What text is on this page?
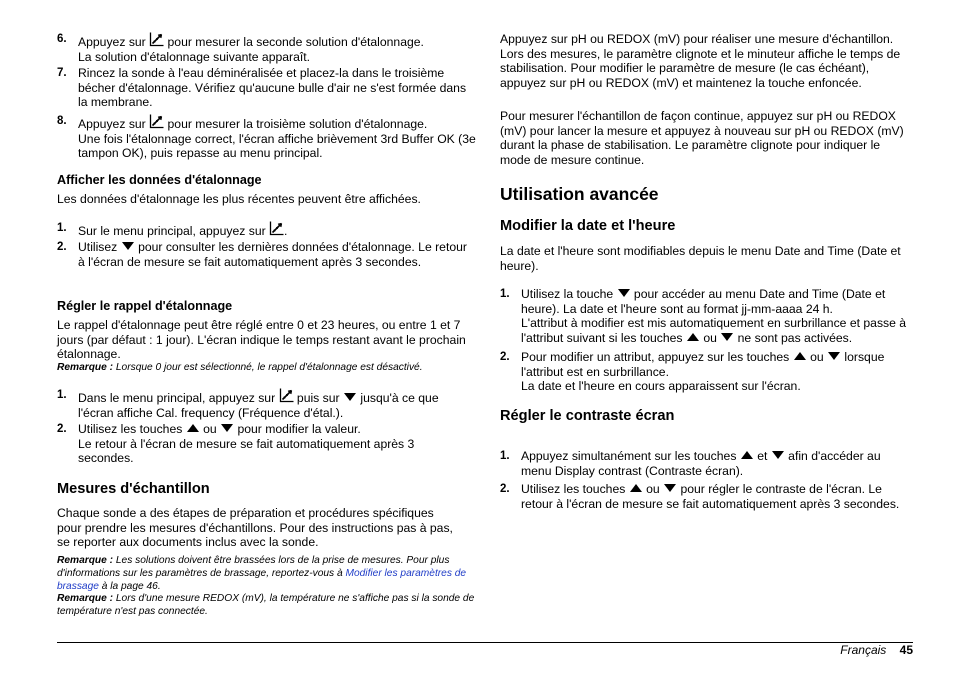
6. Appuyez sur pour mesurer la seconde solution d'étalonnage.
La solution d'étalonnage suivante apparaît.
7. Rincez la sonde à l'eau déminéralisée et placez-la dans le troisième bécher d'étalonnage. Vérifiez qu'aucune bulle d'air ne s'est formée dans la membrane.
8. Appuyez sur pour mesurer la troisième solution d'étalonnage.
Une fois l'étalonnage correct, l'écran affiche brièvement 3rd Buffer OK (3e tampon OK), puis repasse au menu principal.
Afficher les données d'étalonnage
Les données d'étalonnage les plus récentes peuvent être affichées.
1. Sur le menu principal, appuyez sur .
2. Utilisez pour consulter les dernières données d'étalonnage. Le retour à l'écran de mesure se fait automatiquement après 3 secondes.
Régler le rappel d'étalonnage
Le rappel d'étalonnage peut être réglé entre 0 et 23 heures, ou entre 1 et 7 jours (par défaut : 1 jour). L'écran indique le temps restant avant le prochain étalonnage.
Remarque : Lorsque 0 jour est sélectionné, le rappel d'étalonnage est désactivé.
1. Dans le menu principal, appuyez sur puis sur jusqu'à ce que l'écran affiche Cal. frequency (Fréquence d'étal.).
2. Utilisez les touches ou pour modifier la valeur.
Le retour à l'écran de mesure se fait automatiquement après 3 secondes.
Mesures d'échantillon
Chaque sonde a des étapes de préparation et procédures spécifiques pour prendre les mesures d'échantillons. Pour des instructions pas à pas, se reporter aux documents inclus avec la sonde.
Remarque : Les solutions doivent être brassées lors de la prise de mesures. Pour plus d'informations sur les paramètres de brassage, reportez-vous à Modifier les paramètres de brassage à la page 46.
Remarque : Lors d'une mesure REDOX (mV), la température ne s'affiche pas si la sonde de température n'est pas connectée.
Appuyez sur pH ou REDOX (mV) pour réaliser une mesure d'échantillon. Lors des mesures, le paramètre clignote et le minuteur affiche le temps de stabilisation. Pour modifier le paramètre de mesure (le cas échéant), appuyez sur pH ou REDOX (mV) et maintenez la touche enfoncée.
Pour mesurer l'échantillon de façon continue, appuyez sur pH ou REDOX (mV) pour lancer la mesure et appuyez à nouveau sur pH ou REDOX (mV) durant la phase de stabilisation. Le paramètre clignote pour indiquer le mode de mesure continue.
Utilisation avancée
Modifier la date et l'heure
La date et l'heure sont modifiables depuis le menu Date and Time (Date et heure).
1. Utilisez la touche pour accéder au menu Date and Time (Date et heure). La date et l'heure sont au format jj-mm-aaaa 24 h.
L'attribut à modifier est mis automatiquement en surbrillance et passe à l'attribut suivant si les touches ou ne sont pas activées.
2. Pour modifier un attribut, appuyez sur les touches ou lorsque l'attribut est en surbrillance.
La date et l'heure en cours apparaissent sur l'écran.
Régler le contraste écran
1. Appuyez simultanément sur les touches et afin d'accéder au menu Display contrast (Contraste écran).
2. Utilisez les touches ou pour régler le contraste de l'écran. Le retour à l'écran de mesure se fait automatiquement après 3 secondes.
Français 45
